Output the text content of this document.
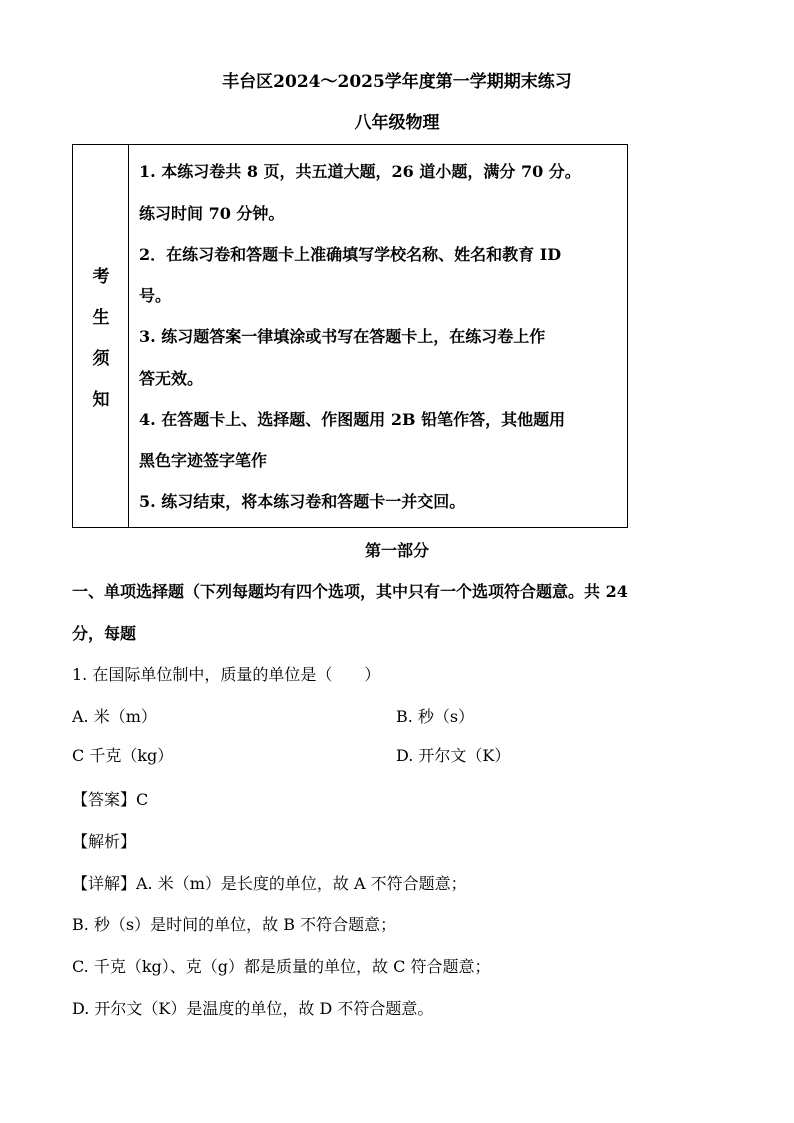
丰台区2024～2025学年度第一学期期末练习
八年级物理
考
生
须
知
1. 本练习卷共 8 页，共五道大题，26 道小题，满分 70 分。
练习时间 70 分钟。
2．在练习卷和答题卡上准确填写学校名称、姓名和教育 ID
号。
3. 练习题答案一律填涂或书写在答题卡上，在练习卷上作
答无效。
4. 在答题卡上、选择题、作图题用 2B 铅笔作答，其他题用
黑色字迹签字笔作
5. 练习结束，将本练习卷和答题卡一并交回。
第一部分
一、单项选择题（下列每题均有四个选项，其中只有一个选项符合题意。共 24
分，每题
1. 在国际单位制中，质量的单位是（　　）
A. 米（m）	B. 秒（s）
C 千克（kg）	D. 开尔文（K）
【答案】C
【解析】
【详解】A. 米（m）是长度的单位，故 A 不符合题意；
B. 秒（s）是时间的单位，故 B 不符合题意；
C. 千克（kg）、克（g）都是质量的单位，故 C 符合题意；
D. 开尔文（K）是温度的单位，故 D 不符合题意。
